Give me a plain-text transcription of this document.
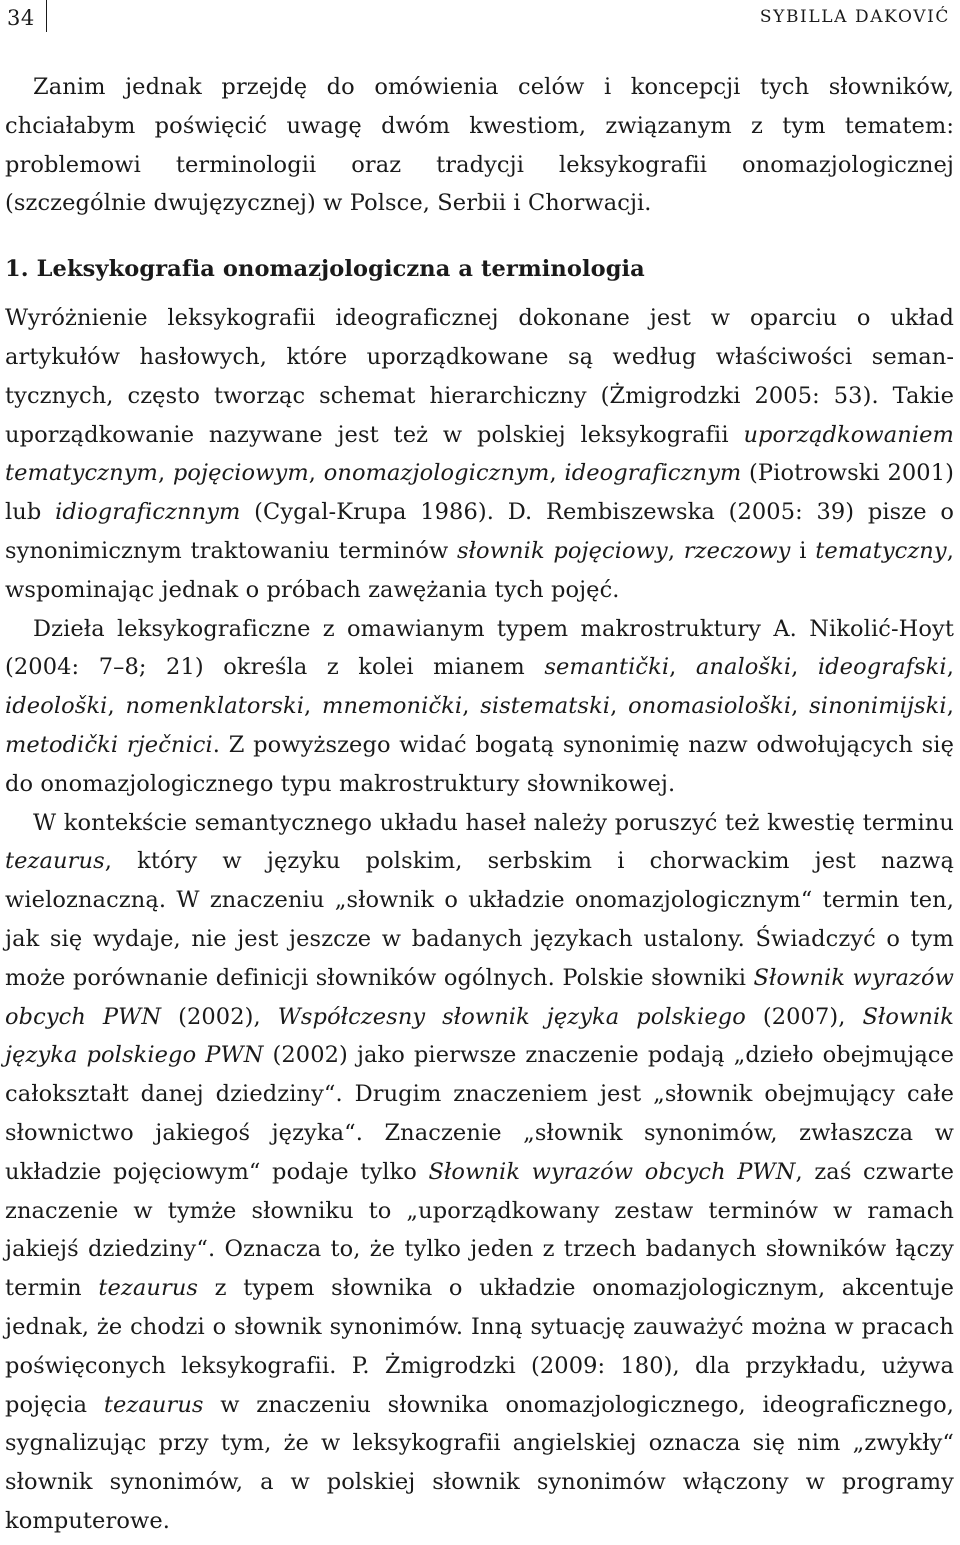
34	SYBILLA DAKOVIĆ

Zanim jednak przejdę do omówienia celów i koncepcji tych słowników, chciałabym poświęcić uwagę dwóm kwestiom, związanym z tym tematem: problemowi terminologii oraz tradycji leksykografii onomazjologicznej (szczególnie dwujęzycznej) w Polsce, Serbii i Chorwacji.

1. Leksykografia onomazjologiczna a terminologia

Wyróżnienie leksykografii ideograficznej dokonane jest w oparciu o układ artykułów hasłowych, które uporządkowane są według właściwości semantycznych, często tworząc schemat hierarchiczny (Żmigrodzki 2005: 53). Takie uporządkowanie nazywane jest też w polskiej leksykografii uporządkowaniem tematycznym, pojęciowym, onomazjologicznym, ideograficznym (Piotrowski 2001) lub idiograficznnym (Cygal-Krupa 1986). D. Rembiszewska (2005: 39) pisze o synonimicznym traktowaniu terminów słownik pojęciowy, rzeczowy i tematyczny, wspominając jednak o próbach zawężania tych pojęć.

Dzieła leksykograficzne z omawianym typem makrostruktury A. Nikolić-Hoyt (2004: 7–8; 21) określa z kolei mianem semantički, analoški, ideografski, ideološki, nomenklatorski, mnemonički, sistematski, onomasiološki, sinonimijski, metodički rječnici. Z powyższego widać bogatą synonimię nazw odwołujących się do onomazjologicznego typu makrostruktury słownikowej.

W kontekście semantycznego układu haseł należy poruszyć też kwestię terminu tezaurus, który w języku polskim, serbskim i chorwackim jest nazwą wieloznaczną. W znaczeniu „słownik o układzie onomazjologicznym“ termin ten, jak się wydaje, nie jest jeszcze w badanych językach ustalony. Świadczyć o tym może porównanie definicji słowników ogólnych. Polskie słowniki Słownik wyrazów obcych PWN (2002), Współczesny słownik języka polskiego (2007), Słownik języka polskiego PWN (2002) jako pierwsze znaczenie podają „dzieło obejmujące całokształt danej dziedziny“. Drugim znaczeniem jest „słownik obejmujący całe słownictwo jakiegoś języka“. Znaczenie „słownik synonimów, zwłaszcza w układzie pojęciowym“ podaje tylko Słownik wyrazów obcych PWN, zaś czwarte znaczenie w tymże słowniku to „uporządkowany zestaw terminów w ramach jakiejś dziedziny“. Oznacza to, że tylko jeden z trzech badanych słowników łączy termin tezaurus z typem słownika o układzie onomazjologicznym, akcentuje jednak, że chodzi o słownik synonimów. Inną sytuację zauważyć można w pracach poświęconych leksykografii. P. Żmigrodzki (2009: 180), dla przykładu, używa pojęcia tezaurus w znaczeniu słownika onomazjologicznego, ideograficznego, sygnalizując przy tym, że w leksykografii angielskiej oznacza się nim „zwykły“ słownik synonimów, a w polskiej słownik synonimów włączony w programy komputerowe.
